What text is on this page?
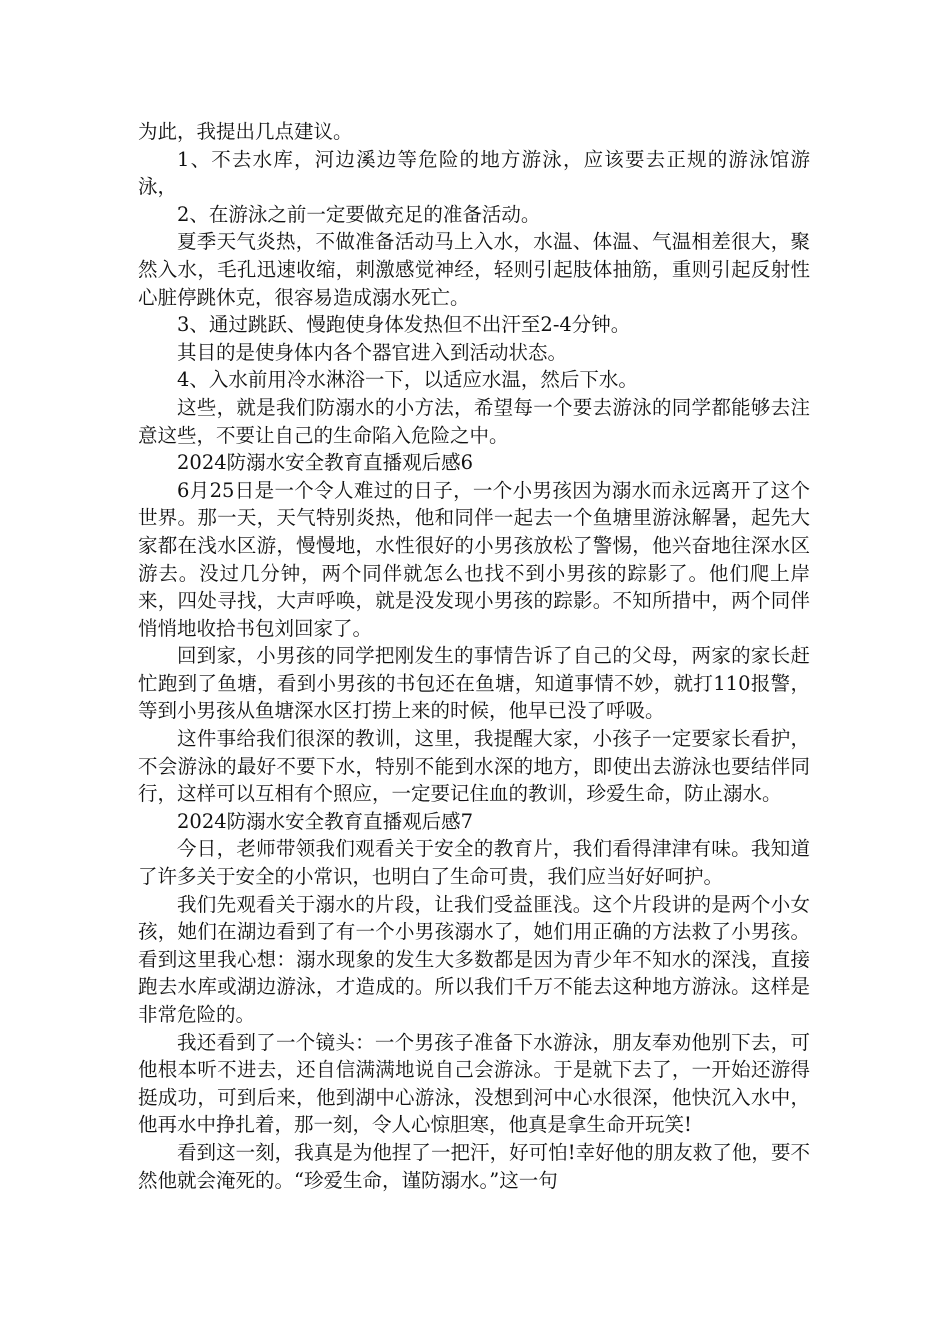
为此，我提出几点建议。

1、不去水库，河边溪边等危险的地方游泳，应该要去正规的游泳馆游泳，

2、在游泳之前一定要做充足的准备活动。

夏季天气炎热，不做准备活动马上入水，水温、体温、气温相差很大，聚然入水，毛孔迅速收缩，刺激感觉神经，轻则引起肢体抽筋，重则引起反射性心脏停跳休克，很容易造成溺水死亡。

3、通过跳跃、慢跑使身体发热但不出汗至2-4分钟。

其目的是使身体内各个器官进入到活动状态。

4、入水前用冷水淋浴一下，以适应水温，然后下水。

这些，就是我们防溺水的小方法，希望每一个要去游泳的同学都能够去注意这些，不要让自己的生命陷入危险之中。

2024防溺水安全教育直播观后感6

6月25日是一个令人难过的日子，一个小男孩因为溺水而永远离开了这个世界。那一天，天气特别炎热，他和同伴一起去一个鱼塘里游泳解暑，起先大家都在浅水区游，慢慢地，水性很好的小男孩放松了警惕，他兴奋地往深水区游去。没过几分钟，两个同伴就怎么也找不到小男孩的踪影了。他们爬上岸来，四处寻找，大声呼唤，就是没发现小男孩的踪影。不知所措中，两个同伴悄悄地收拾书包刘回家了。

回到家，小男孩的同学把刚发生的事情告诉了自己的父母，两家的家长赶忙跑到了鱼塘，看到小男孩的书包还在鱼塘，知道事情不妙，就打110报警，等到小男孩从鱼塘深水区打捞上来的时候，他早已没了呼吸。

这件事给我们很深的教训，这里，我提醒大家，小孩子一定要家长看护，不会游泳的最好不要下水，特别不能到水深的地方，即使出去游泳也要结伴同行，这样可以互相有个照应，一定要记住血的教训，珍爱生命，防止溺水。

2024防溺水安全教育直播观后感7

今日，老师带领我们观看关于安全的教育片，我们看得津津有味。我知道了许多关于安全的小常识，也明白了生命可贵，我们应当好好呵护。

我们先观看关于溺水的片段，让我们受益匪浅。这个片段讲的是两个小女孩，她们在湖边看到了有一个小男孩溺水了，她们用正确的方法救了小男孩。看到这里我心想：溺水现象的发生大多数都是因为青少年不知水的深浅，直接跑去水库或湖边游泳，才造成的。所以我们千万不能去这种地方游泳。这样是非常危险的。

我还看到了一个镜头：一个男孩子准备下水游泳，朋友奉劝他别下去，可他根本听不进去，还自信满满地说自己会游泳。于是就下去了，一开始还游得挺成功，可到后来，他到湖中心游泳，没想到河中心水很深，他快沉入水中，他再水中挣扎着，那一刻，令人心惊胆寒，他真是拿生命开玩笑!

看到这一刻，我真是为他捏了一把汗，好可怕!幸好他的朋友救了他，要不然他就会淹死的。“珍爱生命，谨防溺水。”这一句
